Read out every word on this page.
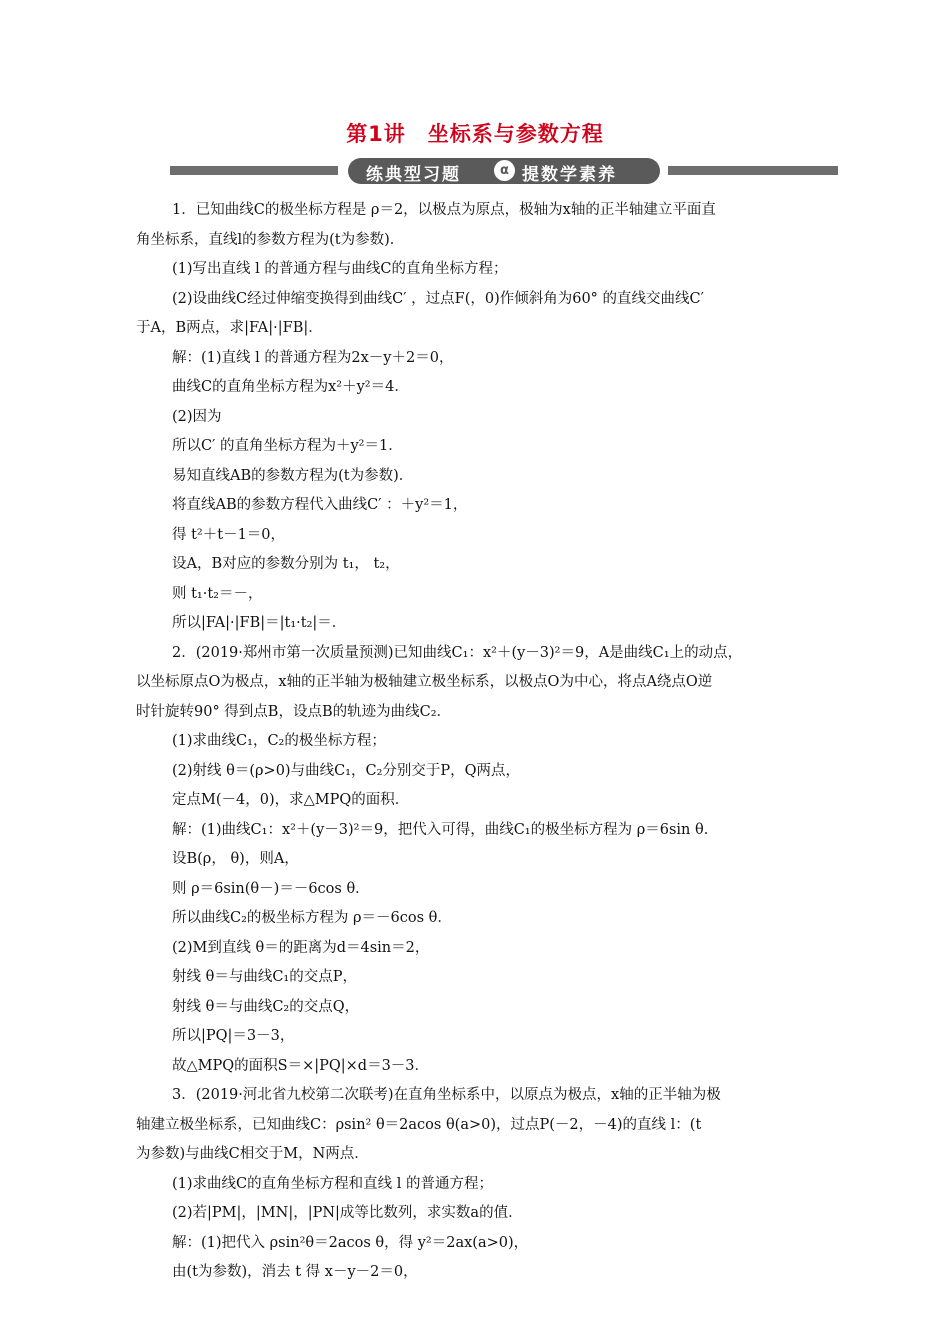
第1讲　坐标系与参数方程
练典型习题	α 提数学素养

1．已知曲线C的极坐标方程是 ρ＝2，以极点为原点，极轴为x轴的正半轴建立平面直

角坐标系，直线l的参数方程为(t为参数)．

(1)写出直线 l 的普通方程与曲线C的直角坐标方程；

(2)设曲线C经过伸缩变换得到曲线C′ ，过点F(，0)作倾斜角为60° 的直线交曲线C′

于A，B两点，求|FA|·|FB|．

解：(1)直线 l 的普通方程为2x－y＋2＝0，

曲线C的直角坐标方程为x²＋y²＝4．

(2)因为

所以C′ 的直角坐标方程为＋y²＝1．

易知直线AB的参数方程为(t为参数)．

将直线AB的参数方程代入曲线C′ ：＋y²＝1，

得 t²＋t－1＝0，

设A，B对应的参数分别为 t₁， t₂，

则 t₁·t₂＝－，

所以|FA|·|FB|＝|t₁·t₂|＝．

2．(2019·郑州市第一次质量预测)已知曲线C₁：x²＋(y－3)²＝9，A是曲线C₁上的动点，

以坐标原点O为极点，x轴的正半轴为极轴建立极坐标系，以极点O为中心，将点A绕点O逆

时针旋转90° 得到点B，设点B的轨迹为曲线C₂．

(1)求曲线C₁，C₂的极坐标方程；

(2)射线 θ＝(ρ>0)与曲线C₁，C₂分别交于P，Q两点，

定点M(－4，0)，求△MPQ的面积．

解：(1)曲线C₁：x²＋(y－3)²＝9，把代入可得，曲线C₁的极坐标方程为 ρ＝6sin θ．

设B(ρ， θ)，则A，

则 ρ＝6sin(θ－)＝－6cos θ．

所以曲线C₂的极坐标方程为 ρ＝－6cos θ．

(2)M到直线 θ＝的距离为d＝4sin＝2，

射线 θ＝与曲线C₁的交点P，

射线 θ＝与曲线C₂的交点Q，

所以|PQ|＝3－3，

故△MPQ的面积S＝×|PQ|×d＝3－3．

3．(2019·河北省九校第二次联考)在直角坐标系中，以原点为极点，x轴的正半轴为极

轴建立极坐标系，已知曲线C：ρsin² θ＝2acos θ(a>0)，过点P(－2，－4)的直线 l：(t

为参数)与曲线C相交于M，N两点．

(1)求曲线C的直角坐标方程和直线 l 的普通方程；

(2)若|PM|，|MN|，|PN|成等比数列，求实数a的值．

解：(1)把代入 ρsin²θ＝2acos θ，得 y²＝2ax(a>0)，

由(t为参数)，消去 t 得 x－y－2＝0，
